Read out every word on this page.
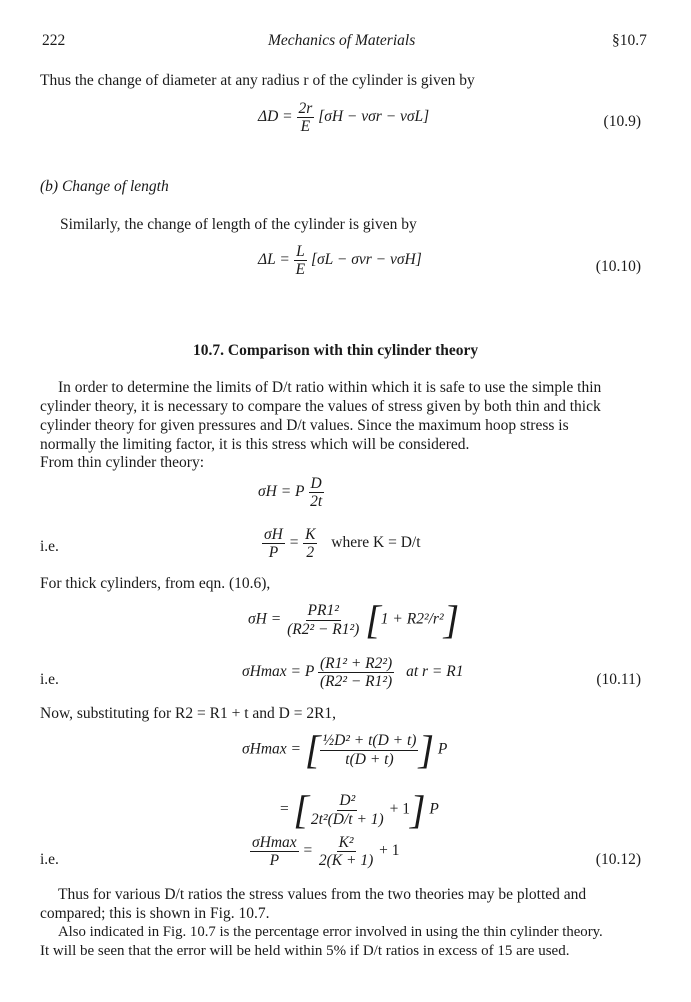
222	Mechanics of Materials	§10.7
Thus the change of diameter at any radius r of the cylinder is given by
$\Delta D = \frac{2r}{E} [\sigma H - \nu\sigma r - \nu\sigma L]$	(10.9)
(b) Change of length
Similarly, the change of length of the cylinder is given by
$\Delta L = \frac{L}{E} [\sigma L - \sigma\nu r - \nu\sigma H]$	(10.10)
10.7. Comparison with thin cylinder theory
In order to determine the limits of D/t ratio within which it is safe to use the simple thin
cylinder theory, it is necessary to compare the values of stress given by both thin and thick
cylinder theory for given pressures and D/t values. Since the maximum hoop stress is
normally the limiting factor, it is this stress which will be considered.
From thin cylinder theory:
σH = P $\frac{D}{2t}$
i.e.	$\frac{\sigma H}{P} = \frac{K}{2}$ where K = D/t
For thick cylinders, from eqn. (10.6),
$\sigma H = \frac{\text{PR1²}}{\text{(R2² − R1²)}} [1 + R2^2/r^2]$
i.e.	σHmax = P $\frac{\text{(R1² + R2²)}}{\text{(R2² − R1²)}}$ at r = R1	(10.11)
Now, substituting for R2 = R1 + t and D = 2R1,
σHmax = [ $\frac{\text{½D² + t(D + t)}}{t(D + t)}$ ] P
= [ $\frac{\text{D²}}{\text{2t²(D/t + 1)}} + 1$] P
i.e.	$\frac{\sigma Hmax}{P} = \frac{\text{K²}}{2(K + 1)} + 1$
(10.12)
Thus for various D/t ratios the stress values from the two theories may be plotted and
compared; this is shown in Fig. 10.7.
Also indicated in Fig. 10.7 is the percentage error involved in using the thin cylinder theory.
It will be seen that the error will be held within 5% if D/t ratios in excess of 15 are used.
